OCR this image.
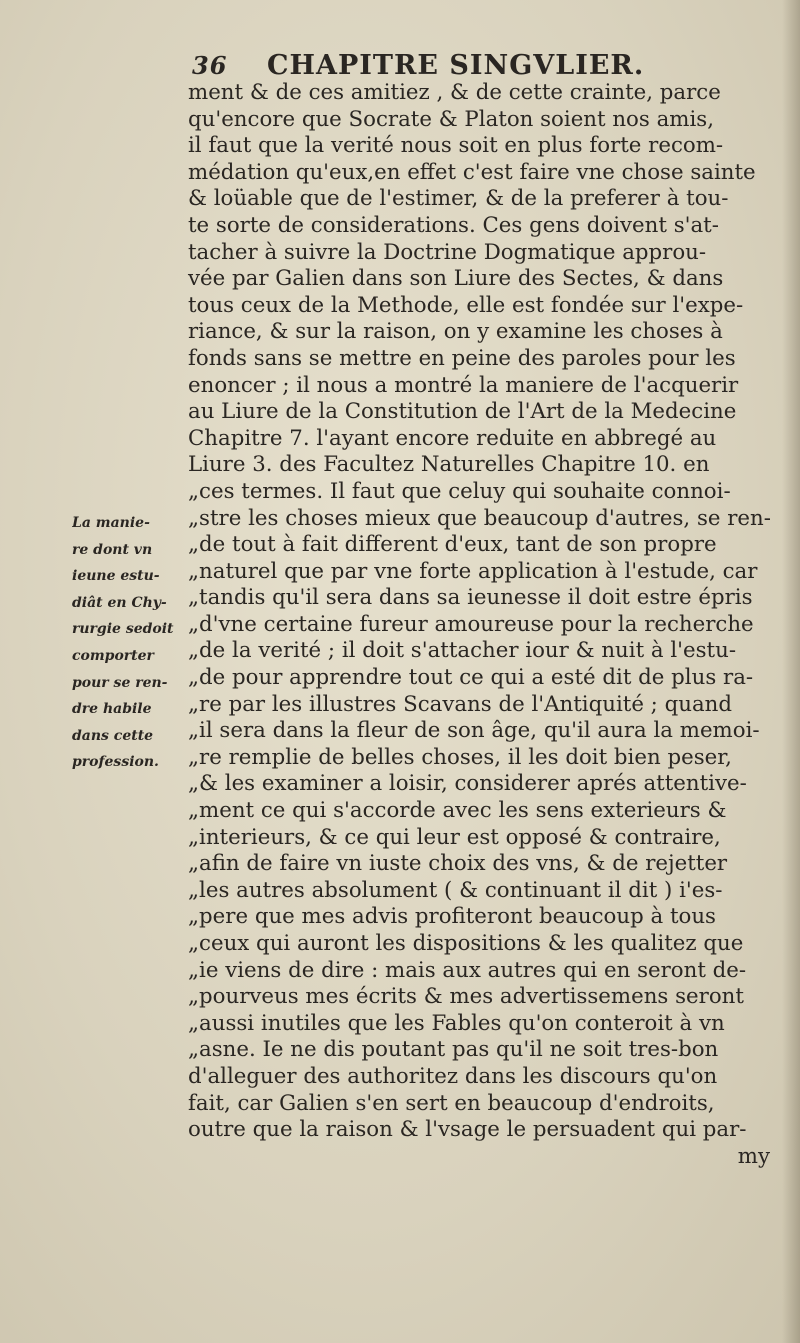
36 CHAPITRE SINGVLIER.
ment & de ces amitiez , & de cette crainte, parce
qu'encore que Socrate & Platon soient nos amis,
il faut que la verité nous soit en plus forte recom-
médation qu'eux,en effet c'est faire vne chose sainte
& loüable que de l'estimer, & de la preferer à tou-
te sorte de considerations. Ces gens doivent s'at-
tacher à suivre la Doctrine Dogmatique approu-
vée par Galien dans son Liure des Sectes, & dans
tous ceux de la Methode, elle est fondée sur l'expe-
riance, & sur la raison, on y examine les choses à
fonds sans se mettre en peine des paroles pour les
enoncer ; il nous a montré la maniere de l'acquerir
au Liure de la Constitution de l'Art de la Medecine
Chapitre 7. l'ayant encore reduite en abbregé au
Liure 3. des Facultez Naturelles Chapitre 10. en
„ces termes. Il faut que celuy qui souhaite connoi-
„stre les choses mieux que beaucoup d'autres, se ren-
„de tout à fait different d'eux, tant de son propre
„naturel que par vne forte application à l'estude, car
„tandis qu'il sera dans sa ieunesse il doit estre épris
„d'vne certaine fureur amoureuse pour la recherche
„de la verité ; il doit s'attacher iour & nuit à l'estu-
„de pour apprendre tout ce qui a esté dit de plus ra-
„re par les illustres Scavans de l'Antiquité ; quand
„il sera dans la fleur de son âge, qu'il aura la memoi-
„re remplie de belles choses, il les doit bien peser,
„& les examiner a loisir, considerer aprés attentive-
„ment ce qui s'accorde avec les sens exterieurs &
„interieurs, & ce qui leur est opposé & contraire,
„afin de faire vn iuste choix des vns, & de rejetter
„les autres absolument ( & continuant il dit ) i'es-
„pere que mes advis profiteront beaucoup à tous
„ceux qui auront les dispositions & les qualitez que
„ie viens de dire : mais aux autres qui en seront de-
„pourveus mes écrits & mes advertissemens seront
„aussi inutiles que les Fables qu'on conteroit à vn
„asne. Ie ne dis poutant pas qu'il ne soit tres-bon
d'alleguer des authoritez dans les discours qu'on
fait, car Galien s'en sert en beaucoup d'endroits,
outre que la raison & l'vsage le persuadent qui par-
my
La manie-
re dont vn
ieune estu-
diât en Chy-
rurgie sedoit
comporter
pour se ren-
dre habile
dans cette
profession.
